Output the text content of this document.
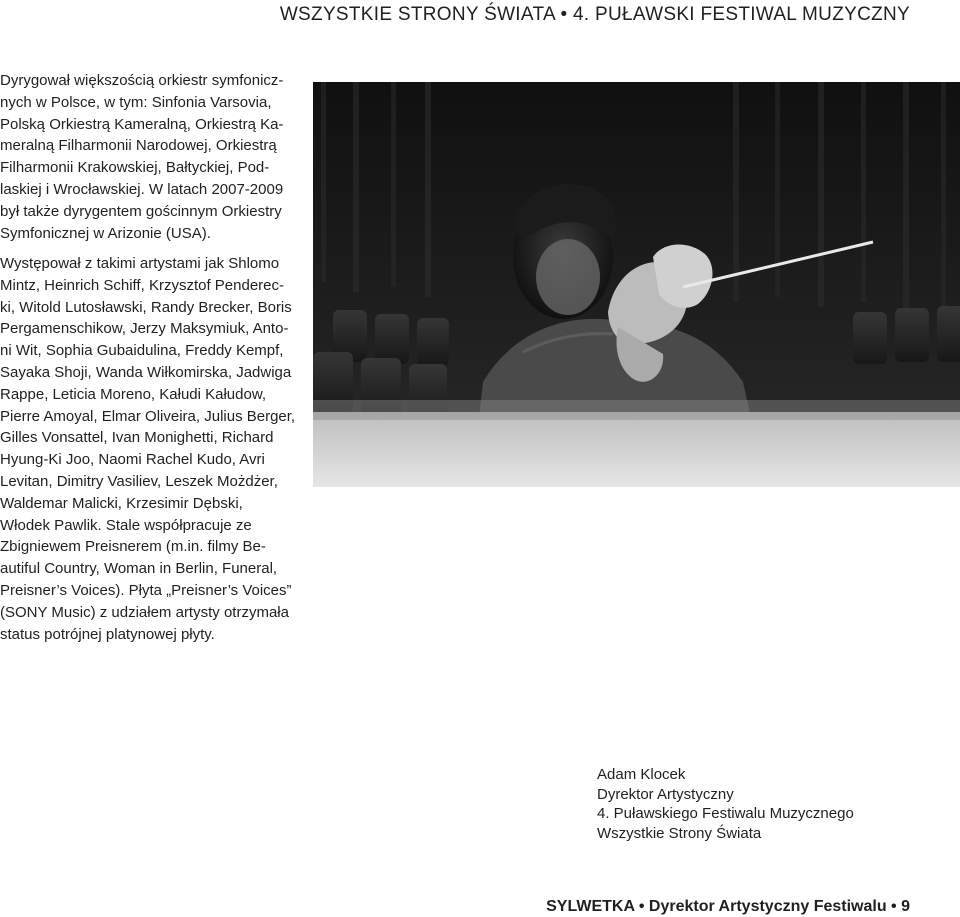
WSZYSTKIE STRONY ŚWIATA • 4. PUŁAWSKI FESTIWAL MUZYCZNY
Dyrygował większością orkiestr symfonicz-
nych w Polsce, w tym: Sinfonia Varsovia,
Polską Orkiestrą Kameralną, Orkiestrą Ka-
meralną Filharmonii Narodowej, Orkiestrą
Filharmonii Krakowskiej, Bałtyckiej, Pod-
laskiej i Wrocławskiej. W latach 2007-2009
był także dyrygentem gościnnym Orkiestry
Symfonicznej w Arizonie (USA).
Występował z takimi artystami jak Shlomo
Mintz, Heinrich Schiff, Krzysztof Penderec-
ki, Witold Lutosławski, Randy Brecker, Boris
Pergamenschikow, Jerzy Maksymiuk, Anto-
ni Wit, Sophia Gubaidulina, Freddy Kempf,
Sayaka Shoji, Wanda Wiłkomirska, Jadwiga
Rappe, Leticia Moreno, Kałudi Kałudow,
Pierre Amoyal, Elmar Oliveira, Julius Berger,
Gilles Vonsattel, Ivan Monighetti, Richard
Hyung-Ki Joo, Naomi Rachel Kudo, Avri
Levitan, Dimitry Vasiliev, Leszek Możdżer,
Waldemar Malicki, Krzesimir Dębski,
Włodek Pawlik. Stale współpracuje ze
Zbigniewem Preisnerem (m.in. filmy Be-
autiful Country, Woman in Berlin, Funeral,
Preisner’s Voices). Płyta „Preisner’s Voices”
(SONY Music) z udziałem artysty otrzymała
status potrójnej platynowej płyty.
Adam Klocek
Dyrektor Artystyczny
4. Puławskiego Festiwalu Muzycznego
Wszystkie Strony Świata
SYLWETKA • Dyrektor Artystyczny Festiwalu • 9
